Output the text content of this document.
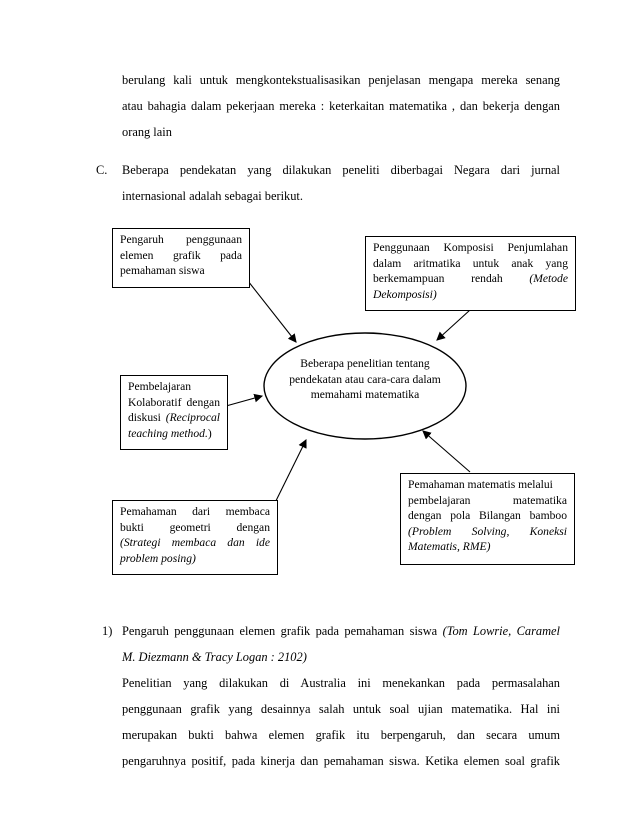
berulang kali untuk mengkontekstualisasikan penjelasan mengapa mereka senang
atau bahagia dalam pekerjaan mereka : keterkaitan matematika , dan bekerja dengan
orang lain
C. Beberapa pendekatan yang dilakukan peneliti diberbagai Negara dari jurnal
internasional adalah sebagai berikut.
Beberapa penelitian tentang
pendekatan atau cara-cara dalam
memahami matematika
Pengaruh penggunaan
elemen grafik pada
pemahaman siswa
Penggunaan Komposisi Penjumlahan
dalam aritmatika untuk anak yang
berkemampuan rendah (Metode
Dekomposisi)
Pembelajaran
Kolaboratif dengan
diskusi (Reciprocal
teaching method.)
Pemahaman matematis melalui
pembelajaran matematika
dengan pola Bilangan bamboo
(Problem Solving, Koneksi
Matematis, RME)
Pemahaman dari membaca
bukti geometri dengan
(Strategi membaca dan ide
problem posing)
1) Pengaruh penggunaan elemen grafik pada pemahaman siswa (Tom Lowrie, Caramel
M. Diezmann & Tracy Logan : 2102)
Penelitian yang dilakukan di Australia ini menekankan pada permasalahan
penggunaan grafik yang desainnya salah untuk soal ujian matematika. Hal ini
merupakan bukti bahwa elemen grafik itu berpengaruh, dan secara umum
pengaruhnya positif, pada kinerja dan pemahaman siswa. Ketika elemen soal grafik
